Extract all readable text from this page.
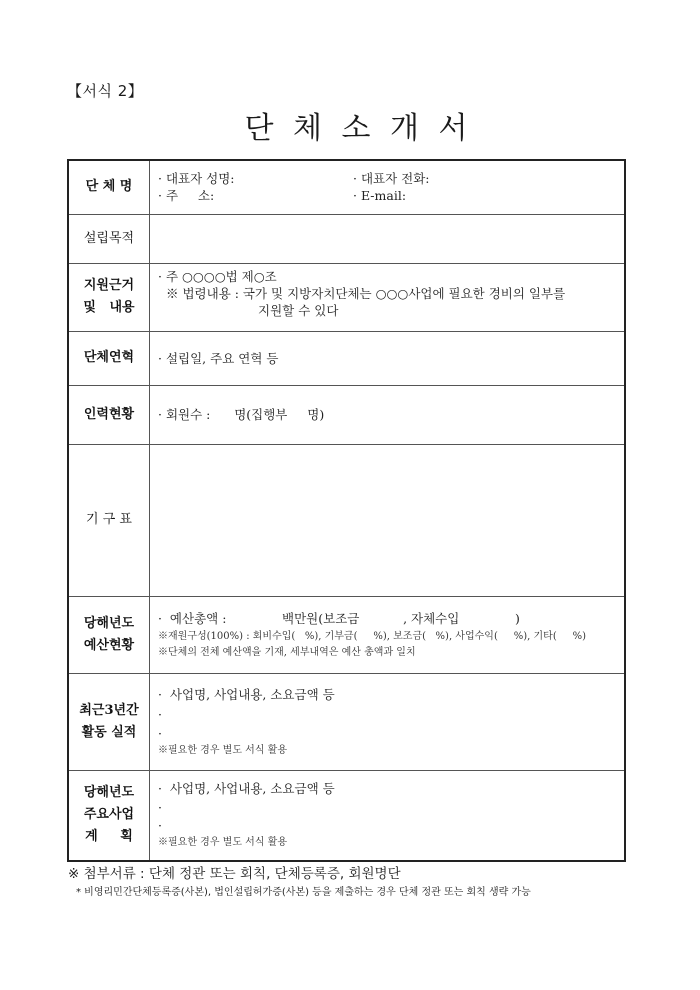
【서식 2】
단 체 소 개 서
단 체 명	· 대표자 성명: · 대표자 전화:
· 주     소: · E-mail:

설립목적	

지원근거
및   내용	· 주 ○○○○법 제○조
※ 법령내용 : 국가 및 지방자치단체는 ○○○사업에 필요한 경비의 일부를
지원할 수 있다

단체연혁	· 설립일, 주요 연혁 등

인력현황	· 회원수 :      명(집행부     명)

기 구 표	

당해년도
예산현황	·  예산총액 :              백만원(보조금           , 자체수입              )
※재원구성(100%) : 회비수입(   %), 기부금(     %), 보조금(   %), 사업수익(     %), 기타(     %)
※단체의 전체 예산액을 기재, 세부내역은 예산 총액과 일치

최근3년간
활동 실적	·  사업명, 사업내용, 소요금액 등
·
·
※필요한 경우 별도 서식 활용

당해년도
주요사업
계     획	·  사업명, 사업내용, 소요금액 등
·
·
※필요한 경우 별도 서식 활용
※ 첨부서류 : 단체 정관 또는 회칙, 단체등록증, 회원명단
* 비영리민간단체등록증(사본), 법인설립허가증(사본) 등을 제출하는 경우 단체 정관 또는 회칙 생략 가능
